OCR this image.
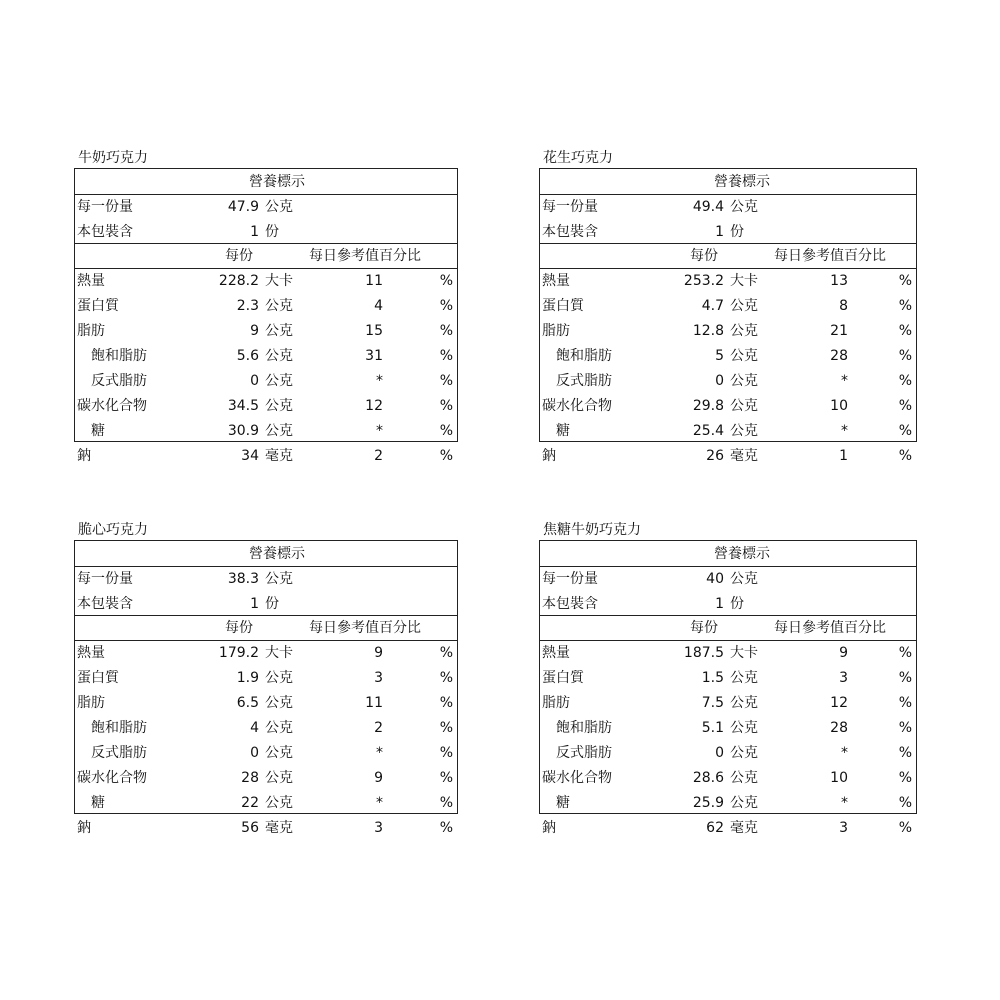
牛奶巧克力
營養標示
每一份量	47.9 公克
本包裝含	1 份
每份	每日參考值百分比
熱量	228.2 大卡	11	%
蛋白質	2.3 公克	4	%
脂肪	9 公克	15	%
飽和脂肪	5.6 公克	31	%
反式脂肪	0 公克	*	%
碳水化合物	34.5 公克	12	%
糖	30.9 公克	*	%
鈉	34 毫克	2	%
花生巧克力
營養標示
每一份量	49.4 公克
本包裝含	1 份
每份	每日參考值百分比
熱量	253.2 大卡	13	%
蛋白質	4.7 公克	8	%
脂肪	12.8 公克	21	%
飽和脂肪	5 公克	28	%
反式脂肪	0 公克	*	%
碳水化合物	29.8 公克	10	%
糖	25.4 公克	*	%
鈉	26 毫克	1	%
脆心巧克力
營養標示
每一份量	38.3 公克
本包裝含	1 份
每份	每日參考值百分比
熱量	179.2 大卡	9	%
蛋白質	1.9 公克	3	%
脂肪	6.5 公克	11	%
飽和脂肪	4 公克	2	%
反式脂肪	0 公克	*	%
碳水化合物	28 公克	9	%
糖	22 公克	*	%
鈉	56 毫克	3	%
焦糖牛奶巧克力
營養標示
每一份量	40 公克
本包裝含	1 份
每份	每日參考值百分比
熱量	187.5 大卡	9	%
蛋白質	1.5 公克	3	%
脂肪	7.5 公克	12	%
飽和脂肪	5.1 公克	28	%
反式脂肪	0 公克	*	%
碳水化合物	28.6 公克	10	%
糖	25.9 公克	*	%
鈉	62 毫克	3	%
